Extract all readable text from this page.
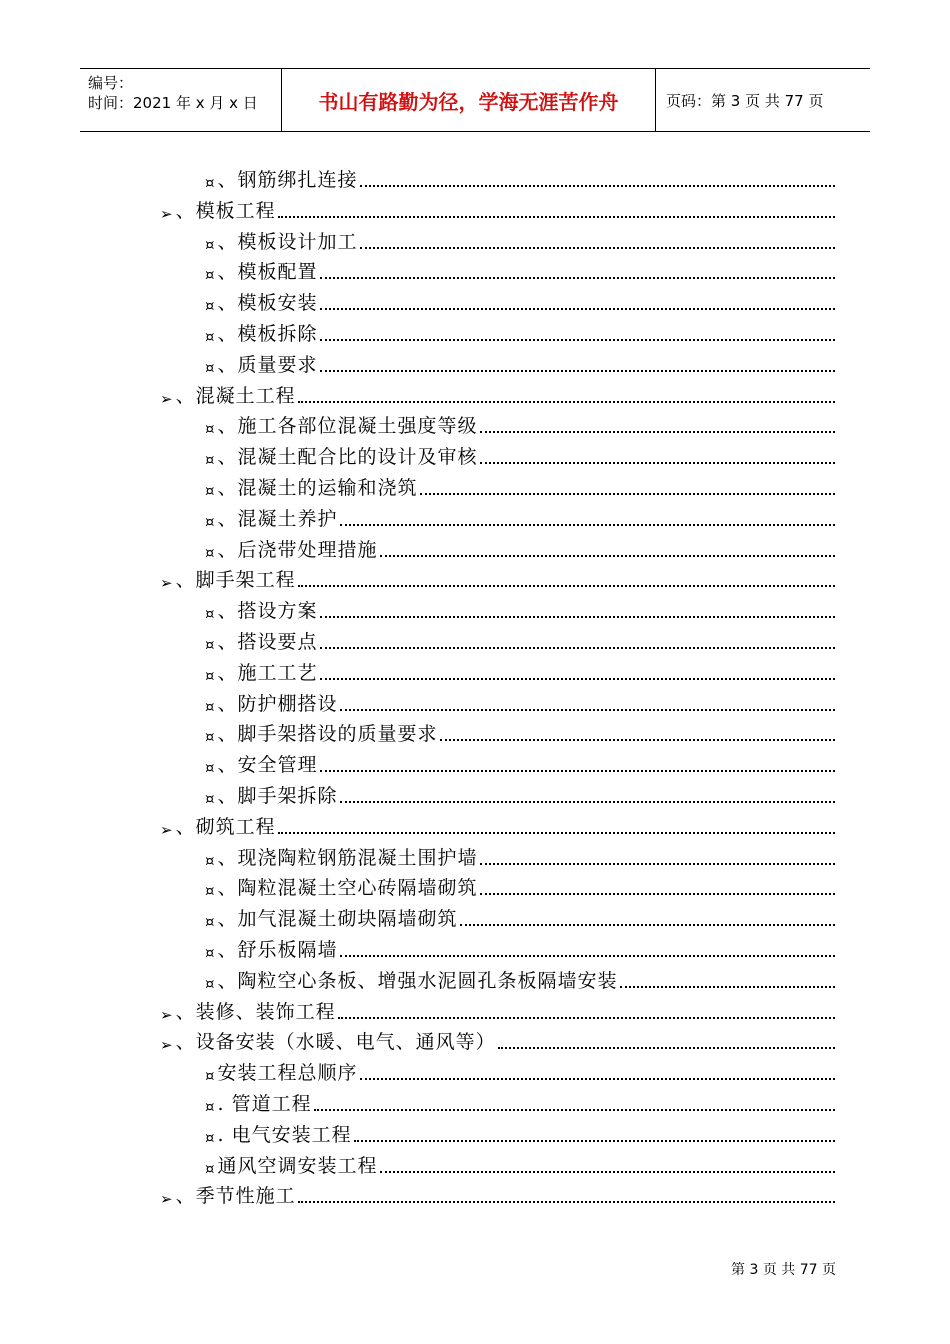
编号：
时间：2021 年 x 月 x 日	书山有路勤为径，学海无涯苦作舟	页码：第 3 页 共 77 页
¤ 、钢筋绑扎连接
➢ 、模板工程
¤ 、模板设计加工
¤ 、模板配置
¤ 、模板安装
¤ 、模板拆除
¤ 、质量要求
➢ 、混凝土工程
¤ 、施工各部位混凝土强度等级
¤ 、混凝土配合比的设计及审核
¤ 、混凝土的运输和浇筑
¤ 、混凝土养护
¤ 、后浇带处理措施
➢ 、脚手架工程
¤ 、搭设方案
¤ 、搭设要点
¤ 、施工工艺
¤ 、防护棚搭设
¤ 、脚手架搭设的质量要求
¤ 、安全管理
¤ 、脚手架拆除
➢ 、砌筑工程
¤ 、现浇陶粒钢筋混凝土围护墙
¤ 、陶粒混凝土空心砖隔墙砌筑
¤ 、加气混凝土砌块隔墙砌筑
¤ 、舒乐板隔墙
¤ 、陶粒空心条板、增强水泥圆孔条板隔墙安装
➢ 、装修、装饰工程
➢ 、设备安装（水暖、电气、通风等）
¤ 安装工程总顺序
¤ . 管道工程
¤ . 电气安装工程
¤ 通风空调安装工程
➢ 、季节性施工
第 3 页 共 77 页
